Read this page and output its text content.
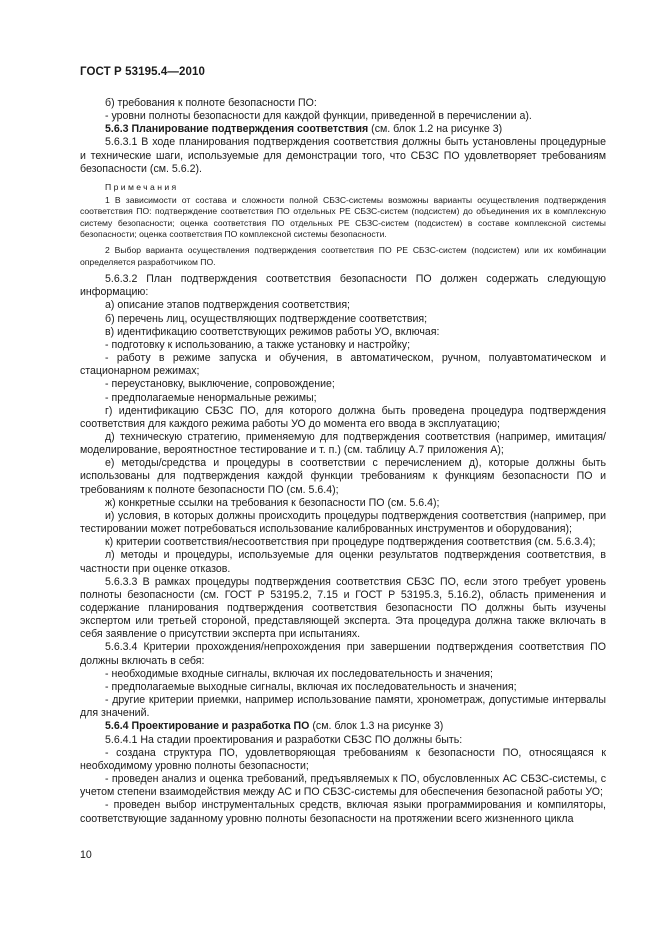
ГОСТ Р 53195.4—2010

б) требования к полноте безопасности ПО:

- уровни полноты безопасности для каждой функции, приведенной в перечислении а).

5.6.3 Планирование подтверждения соответствия (см. блок 1.2 на рисунке 3)

5.6.3.1 В ходе планирования подтверждения соответствия должны быть установлены процедурные и технические шаги, используемые для демонстрации того, что СБЗС ПО удовлетворяет требованиям безопасности (см. 5.6.2).

Примечания

1 В зависимости от состава и сложности полной СБЗС-системы возможны варианты осуществления подтверждения соответствия ПО: подтверждение соответствия ПО отдельных PE СБЗС-систем (подсистем) до объединения их в комплексную систему безопасности; оценка соответствия ПО отдельных PE СБЗС-систем (подсистем) в составе комплексной системы безопасности; оценка соответствия ПО комплексной системы безопасности.

2 Выбор варианта осуществления подтверждения соответствия ПО PE СБЗС-систем (подсистем) или их комбинации определяется разработчиком ПО.

5.6.3.2 План подтверждения соответствия безопасности ПО должен содержать следующую информацию:

а) описание этапов подтверждения соответствия;

б) перечень лиц, осуществляющих подтверждение соответствия;

в) идентификацию соответствующих режимов работы УО, включая:

- подготовку к использованию, а также установку и настройку;

- работу в режиме запуска и обучения, в автоматическом, ручном, полуавтоматическом и стационарном режимах;

- переустановку, выключение, сопровождение;

- предполагаемые ненормальные режимы;

г) идентификацию СБЗС ПО, для которого должна быть проведена процедура подтверждения соответствия для каждого режима работы УО до момента его ввода в эксплуатацию;

д) техническую стратегию, применяемую для подтверждения соответствия (например, имитация/моделирование, вероятностное тестирование и т. п.) (см. таблицу А.7 приложения А);

е) методы/средства и процедуры в соответствии с перечислением д), которые должны быть использованы для подтверждения каждой функции требованиям к функциям безопасности ПО и требованиям к полноте безопасности ПО (см. 5.6.4);

ж) конкретные ссылки на требования к безопасности ПО (см. 5.6.4);

и) условия, в которых должны происходить процедуры подтверждения соответствия (например, при тестировании может потребоваться использование калиброванных инструментов и оборудования);

к) критерии соответствия/несоответствия при процедуре подтверждения соответствия (см. 5.6.3.4);

л) методы и процедуры, используемые для оценки результатов подтверждения соответствия, в частности при оценке отказов.

5.6.3.3 В рамках процедуры подтверждения соответствия СБЗС ПО, если этого требует уровень полноты безопасности (см. ГОСТ Р 53195.2, 7.15 и ГОСТ Р 53195.3, 5.16.2), область применения и содержание планирования подтверждения соответствия безопасности ПО должны быть изучены экспертом или третьей стороной, представляющей эксперта. Эта процедура должна также включать в себя заявление о присутствии эксперта при испытаниях.

5.6.3.4 Критерии прохождения/непрохождения при завершении подтверждения соответствия ПО должны включать в себя:

- необходимые входные сигналы, включая их последовательность и значения;

- предполагаемые выходные сигналы, включая их последовательность и значения;

- другие критерии приемки, например использование памяти, хронометраж, допустимые интервалы для значений.

5.6.4 Проектирование и разработка ПО (см. блок 1.3 на рисунке 3)

5.6.4.1 На стадии проектирования и разработки СБЗС ПО должны быть:

- создана структура ПО, удовлетворяющая требованиям к безопасности ПО, относящаяся к необходимому уровню полноты безопасности;

- проведен анализ и оценка требований, предъявляемых к ПО, обусловленных АС СБЗС-системы, с учетом степени взаимодействия между АС и ПО СБЗС-системы для обеспечения безопасной работы УО;

- проведен выбор инструментальных средств, включая языки программирования и компиляторы, соответствующие заданному уровню полноты безопасности на протяжении всего жизненного цикла

10
